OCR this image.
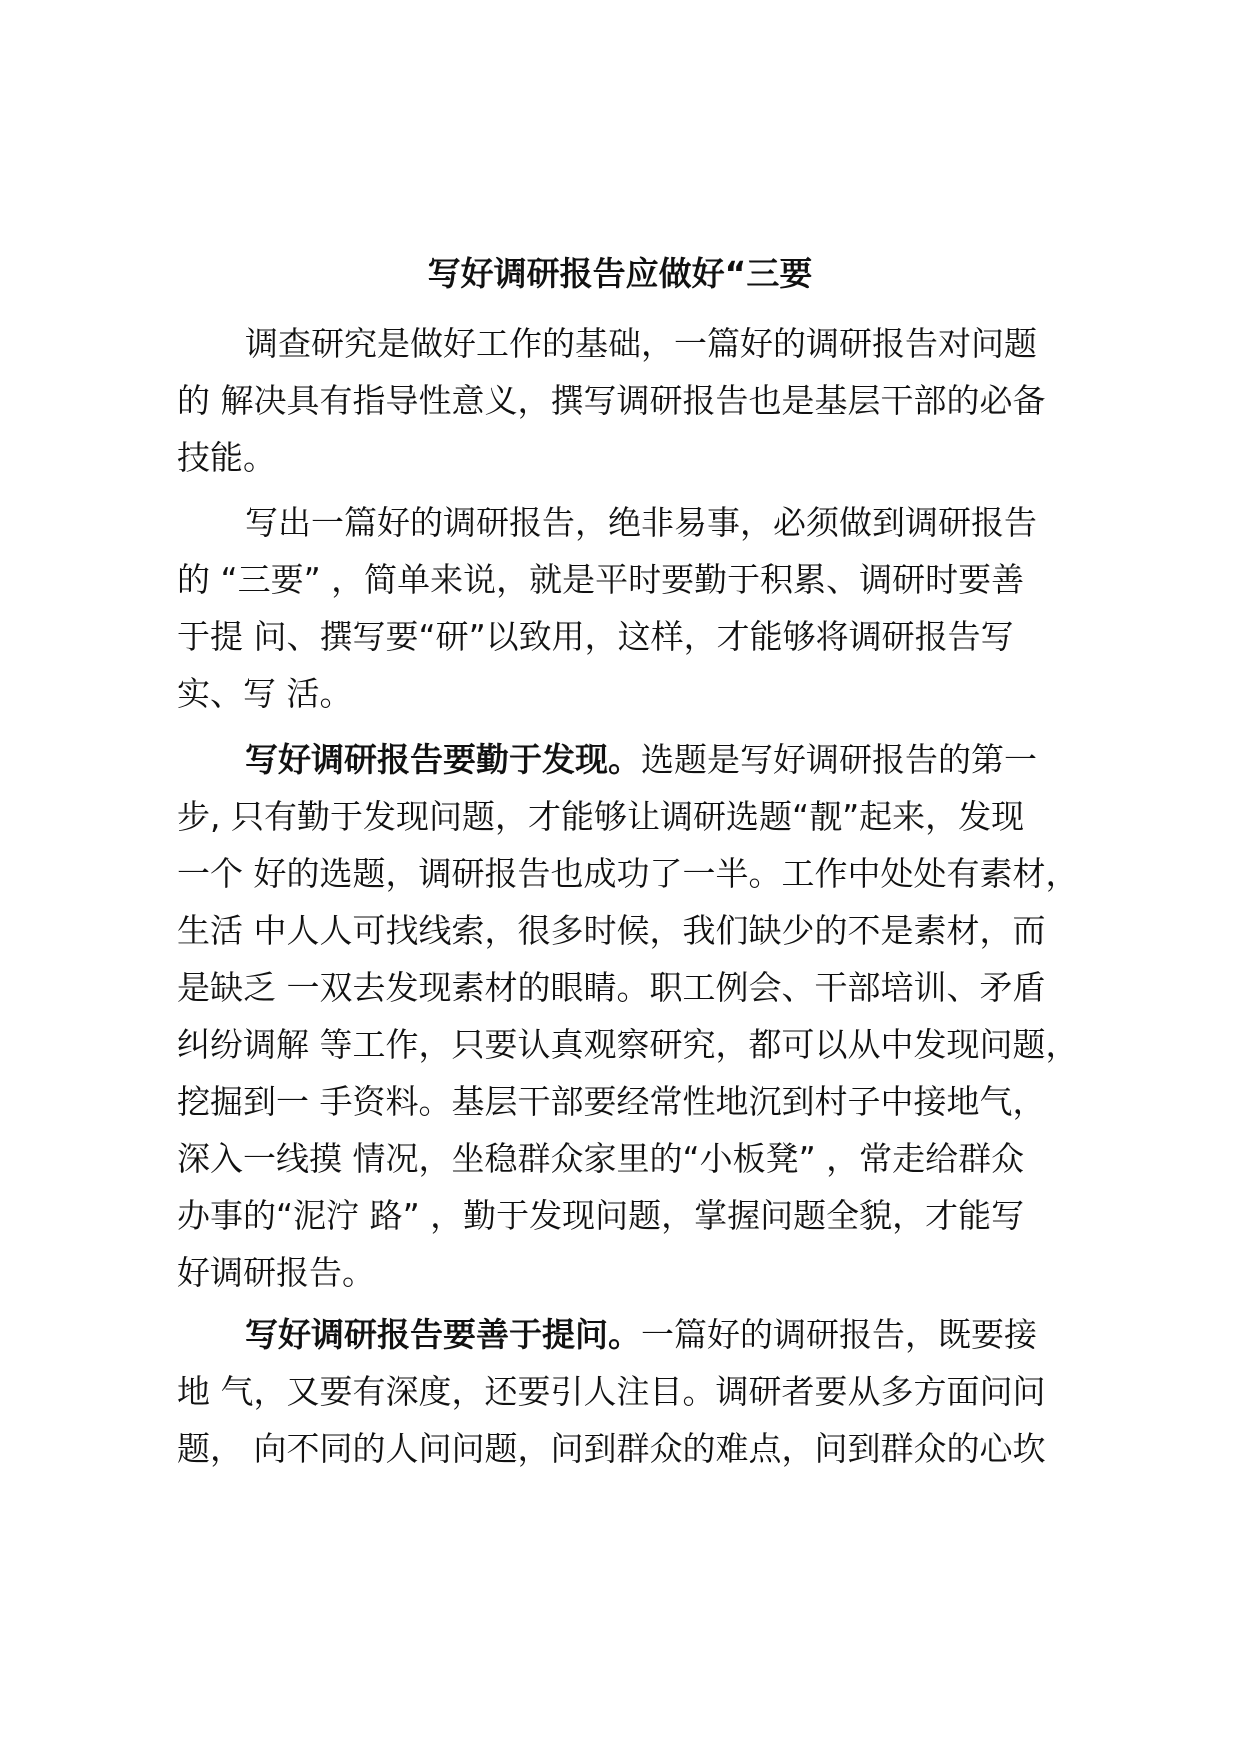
写好调研报告应做好“三要
调查研究是做好工作的基础，一篇好的调研报告对问题
的 解决具有指导性意义，撰写调研报告也是基层干部的必备
技能。
写出一篇好的调研报告，绝非易事，必须做到调研报告
的 “三要” ，简单来说，就是平时要勤于积累、调研时要善
于提 问、撰写要“研”以致用，这样，才能够将调研报告写
实、写 活。
写好调研报告要勤于发现。选题是写好调研报告的第一
步, 只有勤于发现问题，才能够让调研选题“靓”起来，发现
一个 好的选题，调研报告也成功了一半。工作中处处有素材，
生活 中人人可找线索，很多时候，我们缺少的不是素材，而
是缺乏 一双去发现素材的眼睛。职工例会、干部培训、矛盾
纠纷调解 等工作，只要认真观察研究，都可以从中发现问题，
挖掘到一 手资料。基层干部要经常性地沉到村子中接地气，
深入一线摸 情况，坐稳群众家里的“小板凳” ，常走给群众
办事的“泥泞 路” ，勤于发现问题，掌握问题全貌，才能写
好调研报告。
写好调研报告要善于提问。一篇好的调研报告，既要接
地 气，又要有深度，还要引人注目。调研者要从多方面问问
题， 向不同的人问问题，问到群众的难点，问到群众的心坎
